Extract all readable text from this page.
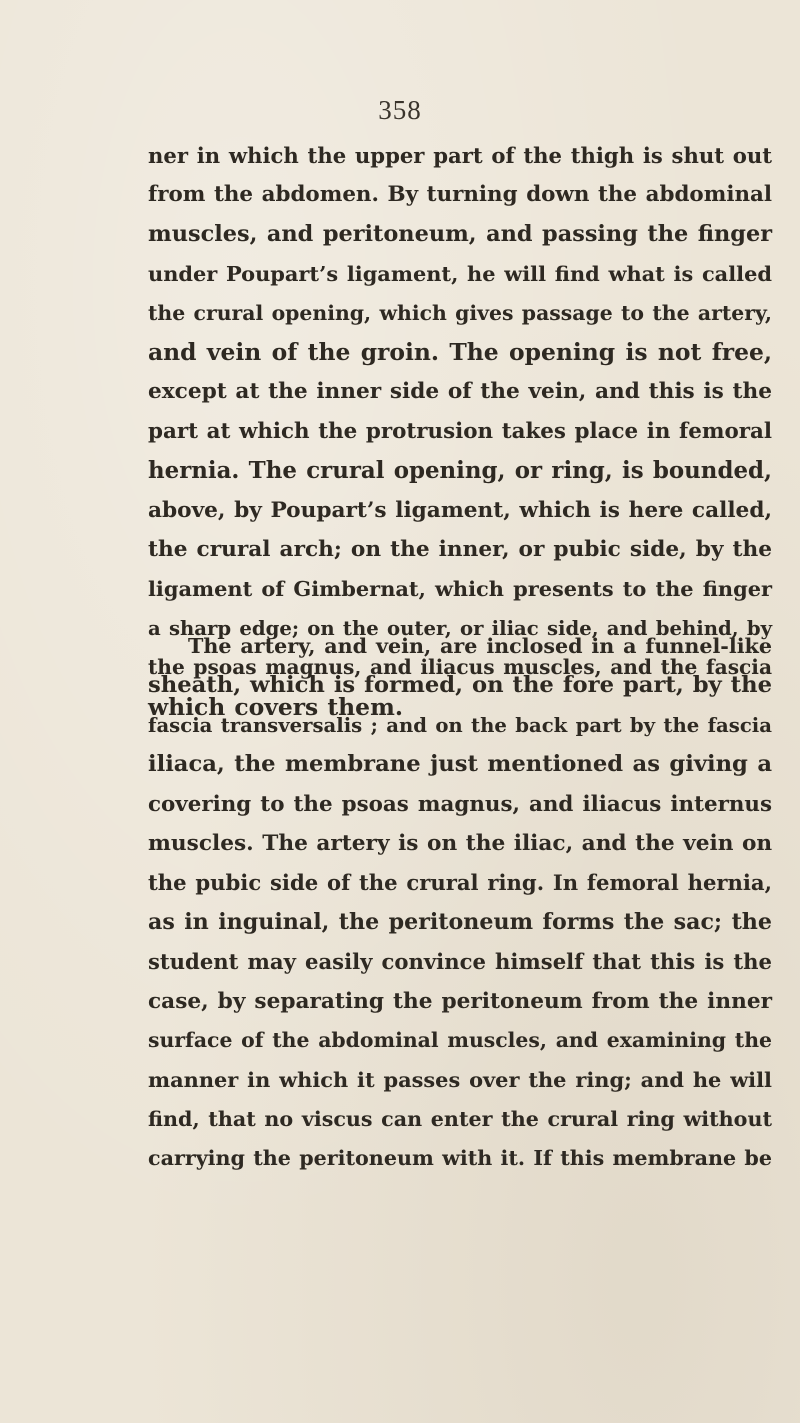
358

ner in which the upper part of the thigh is shut out
from the abdomen. By turning down the abdominal
muscles, and peritoneum, and passing the finger
under Poupart’s ligament, he will find what is called
the crural opening, which gives passage to the artery,
and vein of the groin. The opening is not free,
except at the inner side of the vein, and this is the
part at which the protrusion takes place in femoral
hernia. The crural opening, or ring, is bounded,
above, by Poupart’s ligament, which is here called,
the crural arch; on the inner, or pubic side, by the
ligament of Gimbernat, which presents to the finger
a sharp edge; on the outer, or iliac side, and behind, by
the psoas magnus, and iliacus muscles, and the fascia
which covers them.

The artery, and vein, are inclosed in a funnel-like
sheath, which is formed, on the fore part, by the
fascia transversalis ; and on the back part by the fascia
iliaca, the membrane just mentioned as giving a
covering to the psoas magnus, and iliacus internus
muscles. The artery is on the iliac, and the vein on
the pubic side of the crural ring. In femoral hernia,
as in inguinal, the peritoneum forms the sac; the
student may easily convince himself that this is the
case, by separating the peritoneum from the inner
surface of the abdominal muscles, and examining the
manner in which it passes over the ring; and he will
find, that no viscus can enter the crural ring without
carrying the peritoneum with it. If this membrane be
